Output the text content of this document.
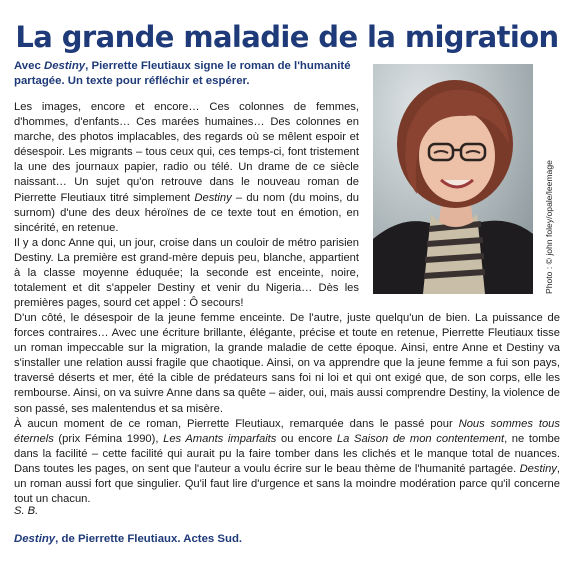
La grande maladie de la migration
Avec Destiny, Pierrette Fleutiaux signe le roman de l'humanité partagée. Un texte pour réfléchir et espérer.
Photo : © john foley/opale/leemage

Les images, encore et encore… Ces colonnes de femmes, d'hommes, d'enfants… Ces marées humaines… Des colonnes en marche, des photos implacables, des regards où se mêlent espoir et désespoir. Les migrants – tous ceux qui, ces temps-ci, font tristement la une des journaux papier, radio ou télé. Un drame de ce siècle naissant… Un sujet qu'on retrouve dans le nouveau roman de Pierrette Fleutiaux titré simplement Destiny – du nom (du moins, du surnom) d'une des deux héroïnes de ce texte tout en émotion, en sincérité, en retenue.

Il y a donc Anne qui, un jour, croise dans un couloir de métro parisien Destiny. La première est grand-mère depuis peu, blanche, appartient à la classe moyenne éduquée; la seconde est enceinte, noire, totalement et dit s'appeler Destiny et venir du Nigeria… Dès les premières pages, sourd cet appel : Ô secours!

D'un côté, le désespoir de la jeune femme enceinte. De l'autre, juste quelqu'un de bien. La puissance de forces contraires… Avec une écriture brillante, élégante, précise et toute en retenue, Pierrette Fleutiaux tisse un roman impeccable sur la migration, la grande maladie de cette époque. Ainsi, entre Anne et Destiny va s'installer une relation aussi fragile que chaotique. Ainsi, on va apprendre que la jeune femme a fui son pays, traversé déserts et mer, été la cible de prédateurs sans foi ni loi et qui ont exigé que, de son corps, elle les rembourse. Ainsi, on va suivre Anne dans sa quête – aider, oui, mais aussi comprendre Destiny, la violence de son passé, ses malentendus et sa misère.

À aucun moment de ce roman, Pierrette Fleutiaux, remarquée dans le passé pour Nous sommes tous éternels (prix Fémina 1990), Les Amants imparfaits ou encore La Saison de mon contentement, ne tombe dans la facilité – cette facilité qui aurait pu la faire tomber dans les clichés et le manque total de nuances. Dans toutes les pages, on sent que l'auteur a voulu écrire sur le beau thème de l'humanité partagée. Destiny, un roman aussi fort que singulier. Qu'il faut lire d'urgence et sans la moindre modération parce qu'il concerne tout un chacun.

S. B.

Destiny, de Pierrette Fleutiaux. Actes Sud.
